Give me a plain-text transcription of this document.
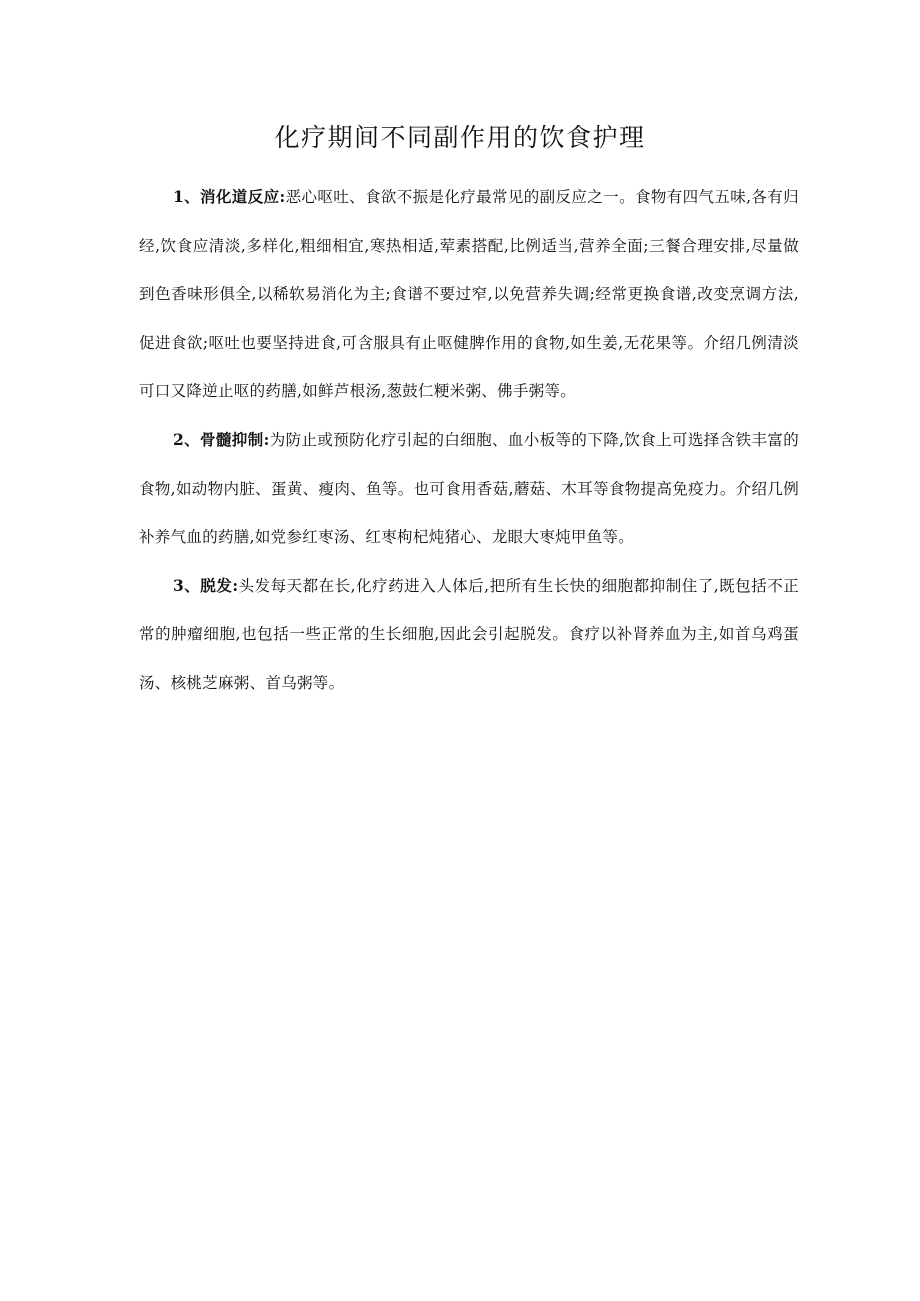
化疗期间不同副作用的饮食护理

1、消化道反应:恶心呕吐、食欲不振是化疗最常见的副反应之一。食物有四气五味,各有归经,饮食应清淡,多样化,粗细相宜,寒热相适,荤素搭配,比例适当,营养全面;三餐合理安排,尽量做到色香味形俱全,以稀软易消化为主;食谱不要过窄,以免营养失调;经常更换食谱,改变烹调方法,促进食欲;呕吐也要坚持进食,可含服具有止呕健脾作用的食物,如生姜,无花果等。介绍几例清淡可口又降逆止呕的药膳,如鲜芦根汤,葱鼓仁粳米粥、佛手粥等。

2、骨髓抑制:为防止或预防化疗引起的白细胞、血小板等的下降,饮食上可选择含铁丰富的食物,如动物内脏、蛋黄、瘦肉、鱼等。也可食用香菇,蘑菇、木耳等食物提高免疫力。介绍几例补养气血的药膳,如党参红枣汤、红枣枸杞炖猪心、龙眼大枣炖甲鱼等。

3、脱发:头发每天都在长,化疗药进入人体后,把所有生长快的细胞都抑制住了,既包括不正常的肿瘤细胞,也包括一些正常的生长细胞,因此会引起脱发。食疗以补肾养血为主,如首乌鸡蛋汤、核桃芝麻粥、首乌粥等。
